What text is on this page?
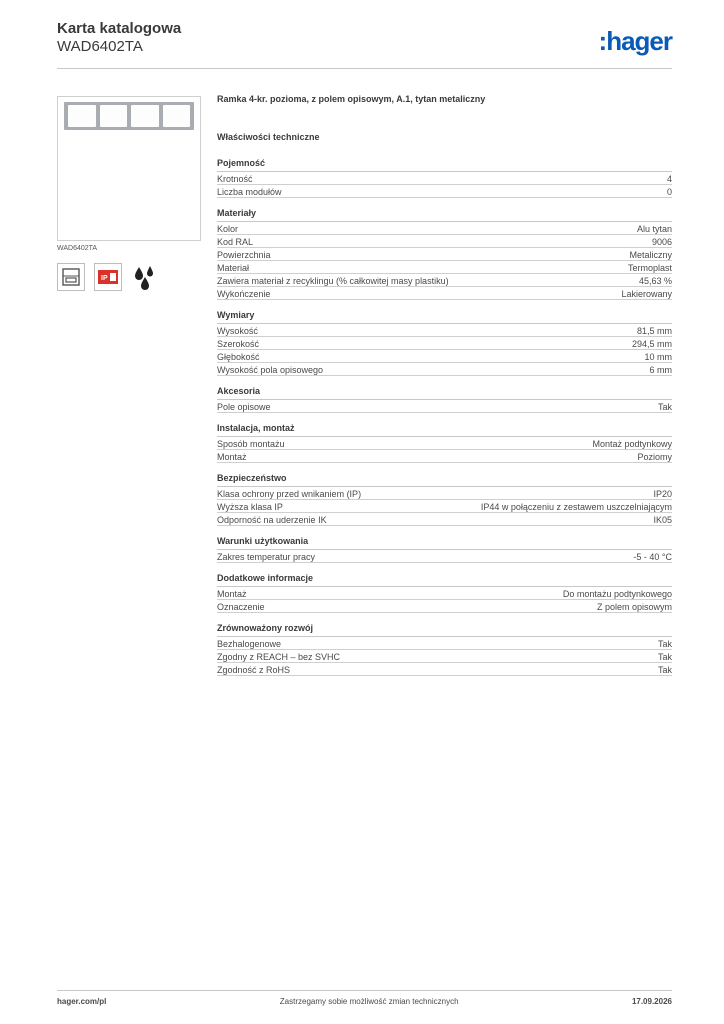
Karta katalogowa
WAD6402TA	:hager
WAD6402TA
IP
Ramka 4-kr. pozioma, z polem opisowym, A.1, tytan metaliczny
Właściwości techniczne
Pojemność
Krotność	4
Liczba modułów	0
Materiały
Kolor	Alu tytan
Kod RAL	9006
Powierzchnia	Metaliczny
Materiał	Termoplast
Zawiera materiał z recyklingu (% całkowitej masy plastiku)	45,63 %
Wykończenie	Lakierowany
Wymiary
Wysokość	81,5 mm
Szerokość	294,5 mm
Głębokość	10 mm
Wysokość pola opisowego	6 mm
Akcesoria
Pole opisowe	Tak
Instalacja, montaż
Sposób montażu	Montaż podtynkowy
Montaż	Poziomy
Bezpieczeństwo
Klasa ochrony przed wnikaniem (IP)	IP20
Wyższa klasa IP	IP44 w połączeniu z zestawem uszczelniającym
Odporność na uderzenie IK	IK05
Warunki użytkowania
Zakres temperatur pracy	-5 - 40 °C
Dodatkowe informacje
Montaż	Do montażu podtynkowego
Oznaczenie	Z polem opisowym
Zrównoważony rozwój
Bezhalogenowe	Tak
Zgodny z REACH – bez SVHC	Tak
Zgodność z RoHS	Tak
hager.com/pl	Zastrzegamy sobie możliwość zmian technicznych	17.09.2026
